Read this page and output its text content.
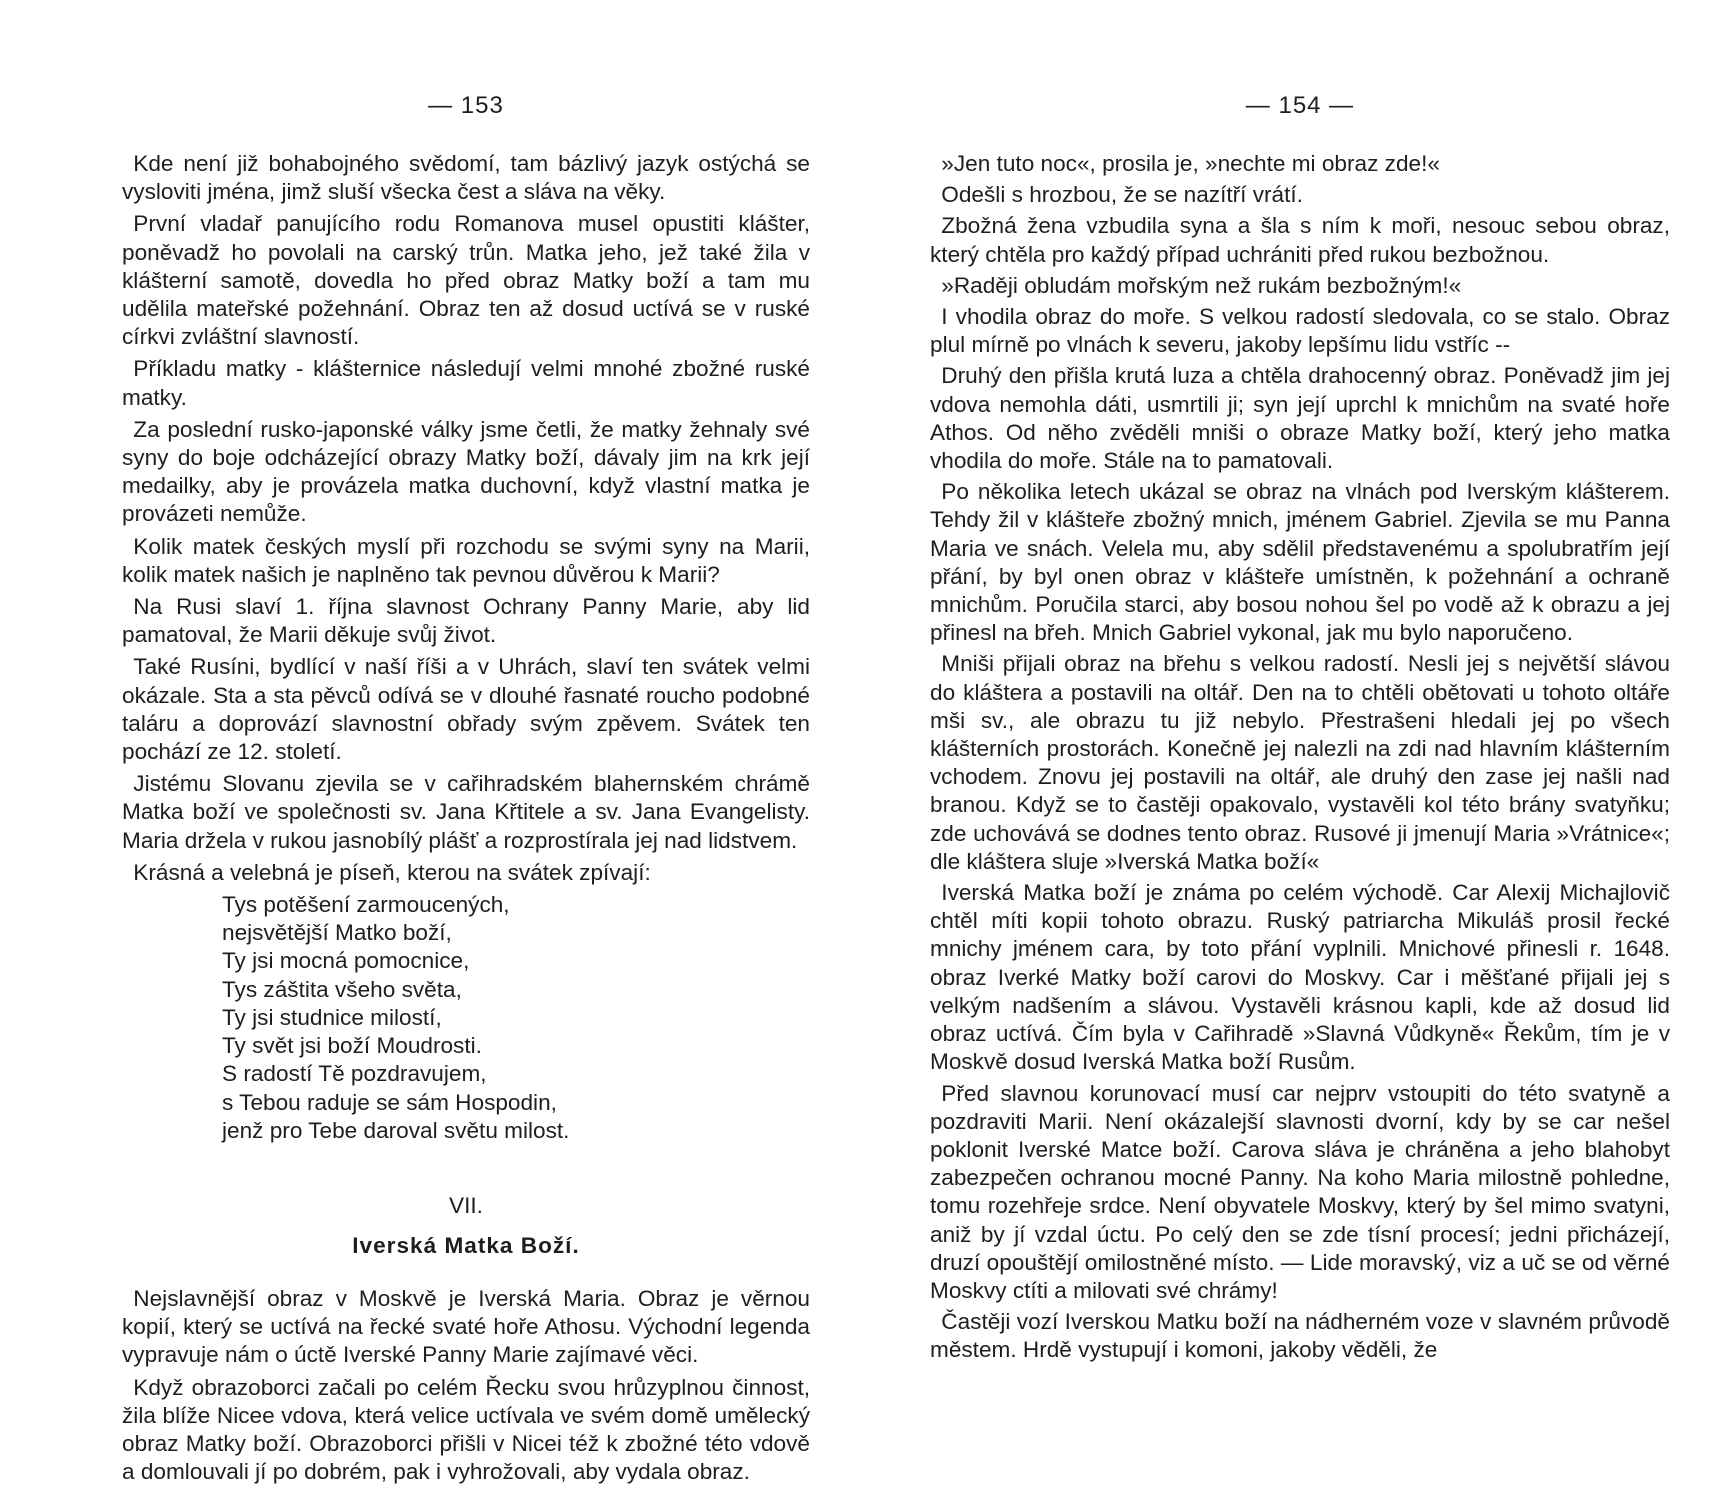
— 153

Kde není již bohabojného svědomí, tam bázlivý jazyk ostýchá se vysloviti jména, jimž sluší všecka čest a sláva na věky.

První vladař panujícího rodu Romanova musel opustiti klášter, poněvadž ho povolali na carský trůn. Matka jeho, jež také žila v klášterní samotě, dovedla ho před obraz Matky boží a tam mu udělila mateřské požehnání. Obraz ten až dosud uctívá se v ruské církvi zvláštní slavností.

Příkladu matky - klášternice následují velmi mnohé zbožné ruské matky.

Za poslední rusko-japonské války jsme četli, že matky žehnaly své syny do boje odcházející obrazy Matky boží, dávaly jim na krk její medailky, aby je provázela matka duchovní, když vlastní matka je provázeti nemůže.

Kolik matek českých myslí při rozchodu se svými syny na Marii, kolik matek našich je naplněno tak pevnou důvěrou k Marii?

Na Rusi slaví 1. října slavnost Ochrany Panny Marie, aby lid pamatoval, že Marii děkuje svůj život.

Také Rusíni, bydlící v naší říši a v Uhrách, slaví ten svátek velmi okázale. Sta a sta pěvců odívá se v dlouhé řasnaté roucho podobné taláru a doprovází slavnostní obřady svým zpěvem. Svátek ten pochází ze 12. století.

Jistému Slovanu zjevila se v cařihradském blahernském chrámě Matka boží ve společnosti sv. Jana Křtitele a sv. Jana Evangelisty. Maria držela v rukou jasnobílý plášť a rozprostírala jej nad lidstvem.

Krásná a velebná je píseň, kterou na svátek zpívají:

Tys potěšení zarmoucených,
nejsvětější Matko boží,
Ty jsi mocná pomocnice,
Tys záštita všeho světa,
Ty jsi studnice milostí,
Ty svět jsi boží Moudrosti.
S radostí Tě pozdravujem,
s Tebou raduje se sám Hospodin,
jenž pro Tebe daroval světu milost.
VII.
Iverská Matka Boží.

Nejslavnější obraz v Moskvě je Iverská Maria. Obraz je věrnou kopií, který se uctívá na řecké svaté hoře Athosu. Východní legenda vypravuje nám o úctě Iverské Panny Marie zajímavé věci.

Když obrazoborci začali po celém Řecku svou hrůzyplnou činnost, žila blíže Nicee vdova, která velice uctívala ve svém domě umělecký obraz Matky boží. Obrazoborci přišli v Nicei též k zbožné této vdově a domlouvali jí po dobrém, pak i vyhrožovali, aby vydala obraz.

— 154 —

»Jen tuto noc«, prosila je, »nechte mi obraz zde!«

Odešli s hrozbou, že se nazítří vrátí.

Zbožná žena vzbudila syna a šla s ním k moři, nesouc sebou obraz, který chtěla pro každý případ uchrániti před rukou bezbožnou.

»Raději obludám mořským než rukám bezbožným!«

I vhodila obraz do moře. S velkou radostí sledovala, co se stalo. Obraz plul mírně po vlnách k severu, jakoby lepšímu lidu vstříc --

Druhý den přišla krutá luza a chtěla drahocenný obraz. Poněvadž jim jej vdova nemohla dáti, usmrtili ji; syn její uprchl k mnichům na svaté hoře Athos. Od něho zvěděli mniši o obraze Matky boží, který jeho matka vhodila do moře. Stále na to pamatovali.

Po několika letech ukázal se obraz na vlnách pod Iverským klášterem. Tehdy žil v klášteře zbožný mnich, jménem Gabriel. Zjevila se mu Panna Maria ve snách. Velela mu, aby sdělil představenému a spolubratřím její přání, by byl onen obraz v klášteře umístněn, k požehnání a ochraně mnichům. Poručila starci, aby bosou nohou šel po vodě až k obrazu a jej přinesl na břeh. Mnich Gabriel vykonal, jak mu bylo naporučeno.

Mniši přijali obraz na břehu s velkou radostí. Nesli jej s největší slávou do kláštera a postavili na oltář. Den na to chtěli obětovati u tohoto oltáře mši sv., ale obrazu tu již nebylo. Přestrašeni hledali jej po všech klášterních prostorách. Konečně jej nalezli na zdi nad hlavním klášterním vchodem. Znovu jej postavili na oltář, ale druhý den zase jej našli nad branou. Když se to častěji opakovalo, vystavěli kol této brány svatyňku; zde uchovává se dodnes tento obraz. Rusové ji jmenují Maria »Vrátnice«; dle kláštera sluje »Iverská Matka boží«

Iverská Matka boží je známa po celém východě. Car Alexij Michajlovič chtěl míti kopii tohoto obrazu. Ruský patriarcha Mikuláš prosil řecké mnichy jménem cara, by toto přání vyplnili. Mnichové přinesli r. 1648. obraz Iverké Matky boží carovi do Moskvy. Car i měšťané přijali jej s velkým nadšením a slávou. Vystavěli krásnou kapli, kde až dosud lid obraz uctívá. Čím byla v Cařihradě »Slavná Vůdkyně« Řekům, tím je v Moskvě dosud Iverská Matka boží Rusům.

Před slavnou korunovací musí car nejprv vstoupiti do této svatyně a pozdraviti Marii. Není okázalejší slavnosti dvorní, kdy by se car nešel poklonit Iverské Matce boží. Carova sláva je chráněna a jeho blahobyt zabezpečen ochranou mocné Panny. Na koho Maria milostně pohledne, tomu rozehřeje srdce. Není obyvatele Moskvy, který by šel mimo svatyni, aniž by jí vzdal úctu. Po celý den se zde tísní procesí; jedni přicházejí, druzí opouštějí omilostněné místo. — Lide moravský, viz a uč se od věrné Moskvy ctíti a milovati své chrámy!

Častěji vozí Iverskou Matku boží na nádherném voze v slavném průvodě městem. Hrdě vystupují i komoni, jakoby věděli, že
